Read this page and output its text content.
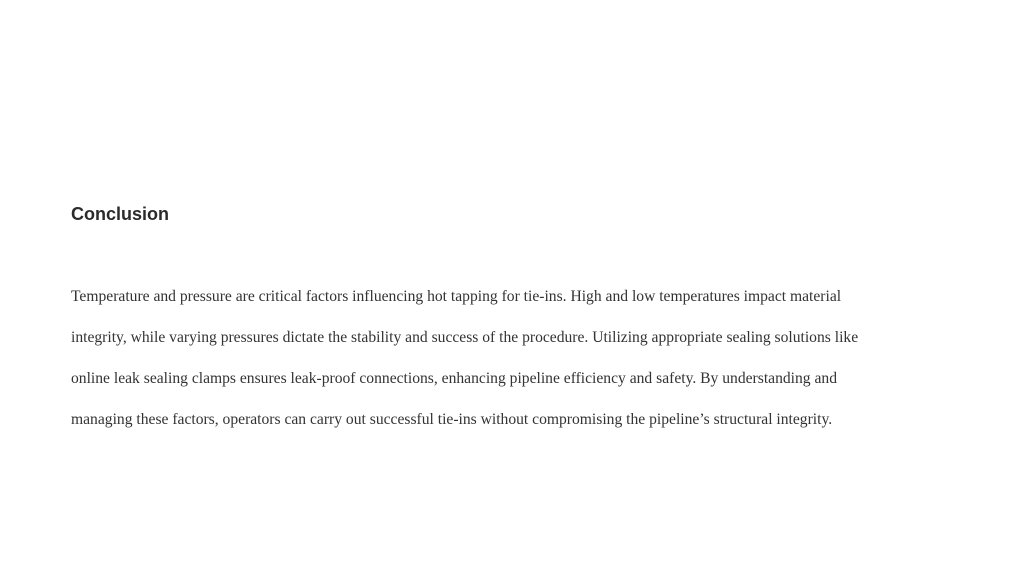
Conclusion

Temperature and pressure are critical factors influencing hot tapping for tie-ins. High and low temperatures impact material
integrity, while varying pressures dictate the stability and success of the procedure. Utilizing appropriate sealing solutions like
online leak sealing clamps ensures leak-proof connections, enhancing pipeline efficiency and safety. By understanding and
managing these factors, operators can carry out successful tie-ins without compromising the pipeline’s structural integrity.
